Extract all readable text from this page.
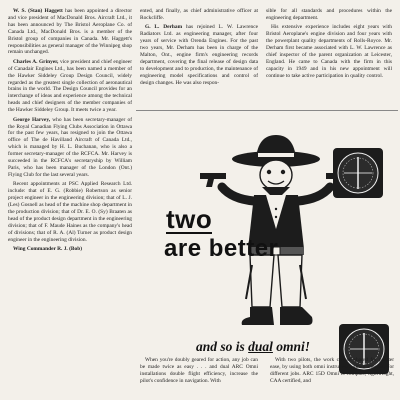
W. S. (Stan) Haggett has been appointed a director and vice president of MacDonald Bros. Aircraft Ltd., it has been announced by The Bristol Aeroplane Co. of Canada Ltd., MacDonald Bros. is a member of the Bristol group of companies in Canada. Mr. Haggett's responsibilities as general manager of the Winnipeg shop remain unchanged.

Charles A. Grinyer, vice president and chief engineer of Canadair Engines Ltd., has been named a member of the Hawker Siddeley Group Design Council, widely regarded as the greatest single collection of aeronautical brains in the world. The Design Council provides for an interchange of ideas and experience among the technical heads and chief designers of the member companies of the Hawker Siddeley Group. It meets twice a year.

George Harvey, who has been secretary-manager of the Royal Canadian Flying Clubs Association in Ottawa for the past few years, has resigned to join the Ottawa office of The de Havilland Aircraft of Canada Ltd., which is managed by H. L. Buchanan, who is also a former secretary-manager of the RCFCA. Mr. Harvey is succeeded in the RCFCA's secretaryship by William Paris, who has been manager of the London (Ont.) Flying Club for the last several years.

Recent appointments at PSC Applied Research Ltd. include: that of E. G. (Robbie) Robertson as senior project engineer in the engineering division; that of L. J. (Les) Gosnell as head of the machine shop department in the production division; that of Dr. E. O. (Sy) Braaten as head of the product design department in the engineering division; that of F. Maude Haines as the company's head of divisions; that of R. A. (Al) Turner as product design engineer in the engineering division.

Wing Commander R. J. (Bob)

ented, and finally, as chief administrative officer at Rockcliffe.

G. L. Derham has rejoined L. W. Lawrence Radiators Ltd. as engineering manager, after four years of service with Orenda Engines. For the past two years, Mr. Derham has been in charge of the Malton, Ont., engine firm's engineering records department, covering the final release of design data to development and to production, the maintenance of engineering model specifications and control of design changes. He was also respon-

sible for all standards and procedures within the engineering department.

His extensive experience includes eight years with Bristol Aeroplane's engine division and four years with the powerplant quality departments of Rolls-Royce. Mr. Derham first became associated with L. W. Lawrence as chief inspector of the parent organization at Leicester, England. He came to Canada with the firm in this capacity in 1949 and in his new appointment will continue to take active participation in quality control.

two
are better
and so is dual omni!

When you're doubly geared for action, any job can be made twice as easy . . . and dual ARC Omni installations double flight efficiency, increase the pilot's confidence in navigation. With

With two pilots, the work can be shared for greater ease, by using both omni instruments simultaneously for different jobs. ARC 15D Omni is compact, lightweight, CAA certified, and
